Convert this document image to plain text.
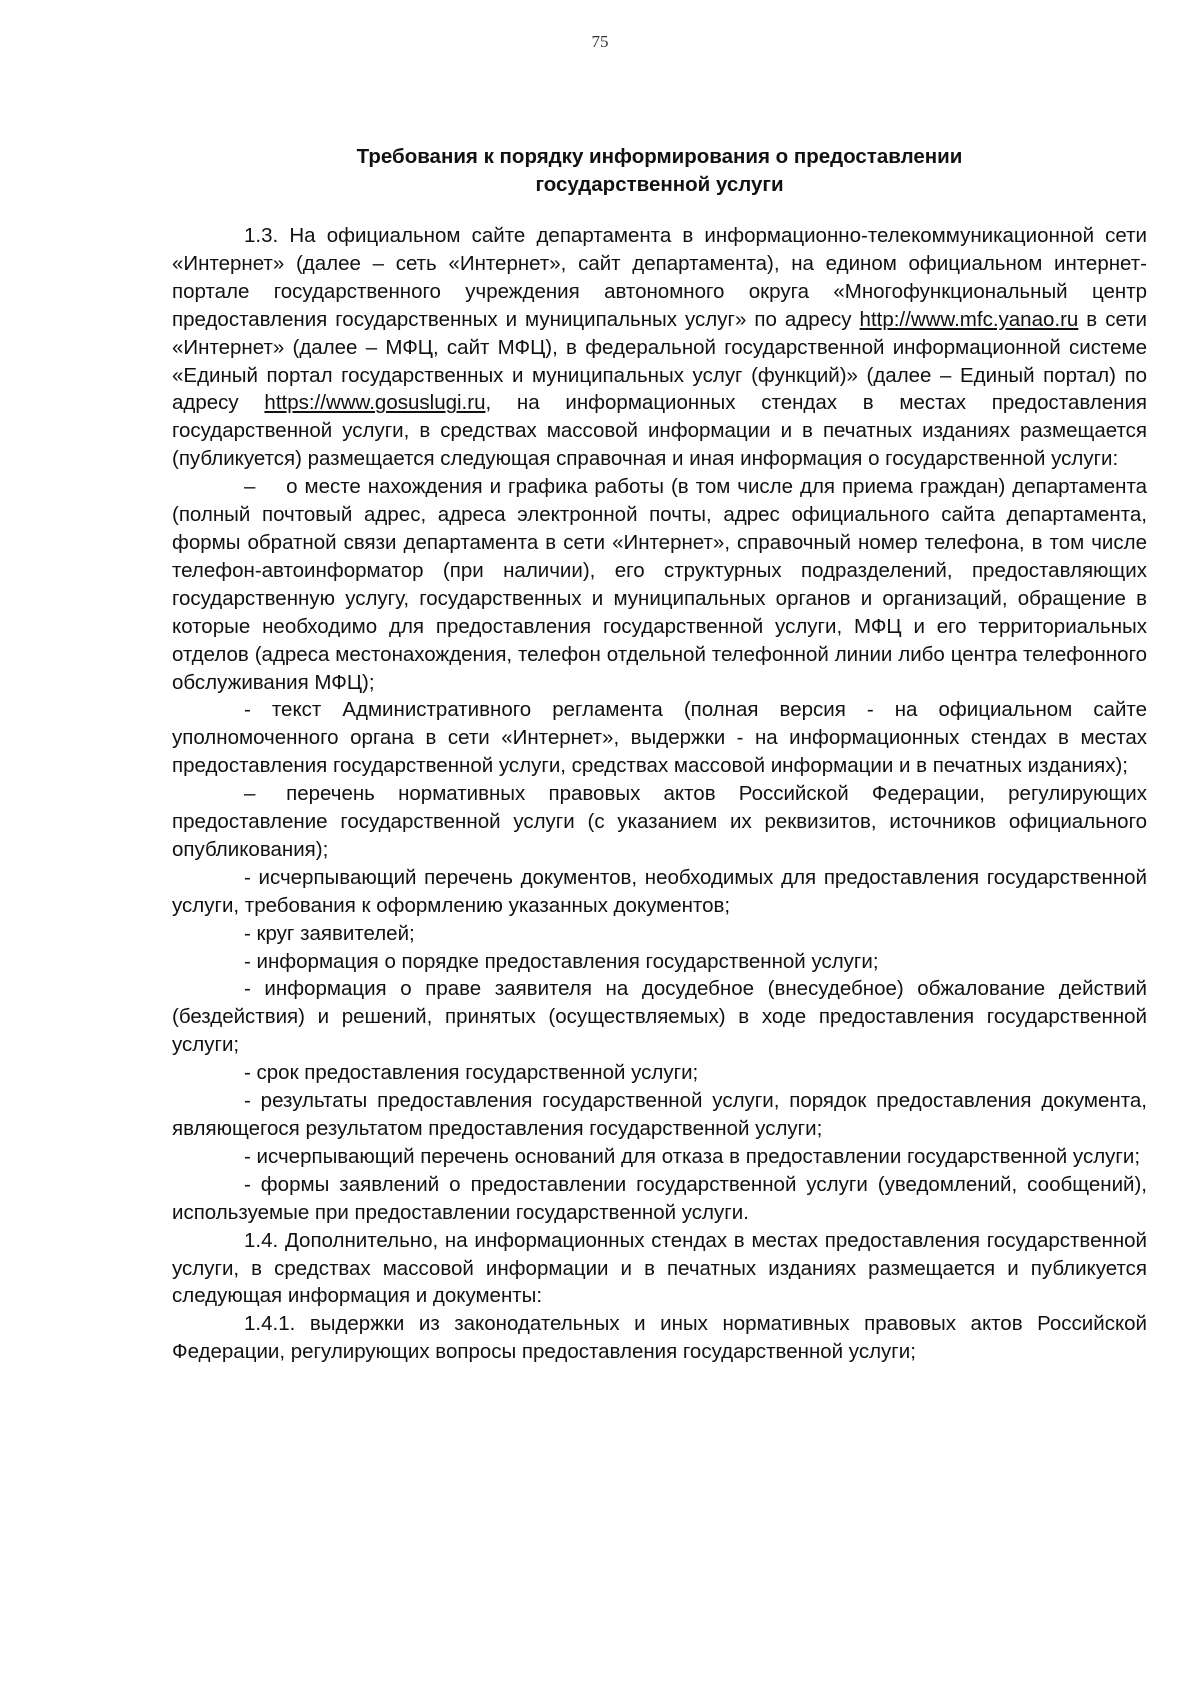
75
Требования к порядку информирования о предоставлении
государственной услуги

1.3. На официальном сайте департамента в информационно-телекоммуникационной сети «Интернет» (далее – сеть «Интернет», сайт департамента), на едином официальном интернет-портале государственного учреждения автономного округа «Многофункциональный центр предоставления государственных и муниципальных услуг» по адресу http://www.mfc.yanao.ru в сети «Интернет» (далее – МФЦ, сайт МФЦ), в федеральной государственной информационной системе «Единый портал государственных и муниципальных услуг (функций)» (далее – Единый портал) по адресу https://www.gosuslugi.ru, на информационных стендах в местах предоставления государственной услуги, в средствах массовой информации и в печатных изданиях размещается (публикуется) размещается следующая справочная и иная информация о государственной услуги:

–  о месте нахождения и графика работы (в том числе для приема граждан) департамента (полный почтовый адрес, адреса электронной почты, адрес официального сайта департамента, формы обратной связи департамента в сети «Интернет», справочный номер телефона, в том числе телефон-автоинформатор (при наличии), его структурных подразделений, предоставляющих государственную услугу, государственных и муниципальных органов и организаций, обращение в которые необходимо для предоставления государственной услуги, МФЦ и его территориальных отделов (адреса местонахождения, телефон отдельной телефонной линии либо центра телефонного обслуживания МФЦ);

- текст Административного регламента (полная версия - на официальном сайте уполномоченного органа в сети «Интернет», выдержки - на информационных стендах в местах предоставления государственной услуги, средствах массовой информации и в печатных изданиях);

–  перечень нормативных правовых актов Российской Федерации, регулирующих предоставление государственной услуги (с указанием их реквизитов, источников официального опубликования);

- исчерпывающий перечень документов, необходимых для предоставления государственной услуги, требования к оформлению указанных документов;

- круг заявителей;

- информация о порядке предоставления государственной услуги;

- информация о праве заявителя на досудебное (внесудебное) обжалование действий (бездействия) и решений, принятых (осуществляемых) в ходе предоставления государственной услуги;

- срок предоставления государственной услуги;

- результаты предоставления государственной услуги, порядок предоставления документа, являющегося результатом предоставления государственной услуги;

- исчерпывающий перечень оснований для отказа в предоставлении государственной услуги;

- формы заявлений о предоставлении государственной услуги (уведомлений, сообщений), используемые при предоставлении государственной услуги.

1.4. Дополнительно, на информационных стендах в местах предоставления государственной услуги, в средствах массовой информации и в печатных изданиях размещается и публикуется следующая информация и документы:

1.4.1. выдержки из законодательных и иных нормативных правовых актов Российской Федерации, регулирующих вопросы предоставления государственной услуги;
